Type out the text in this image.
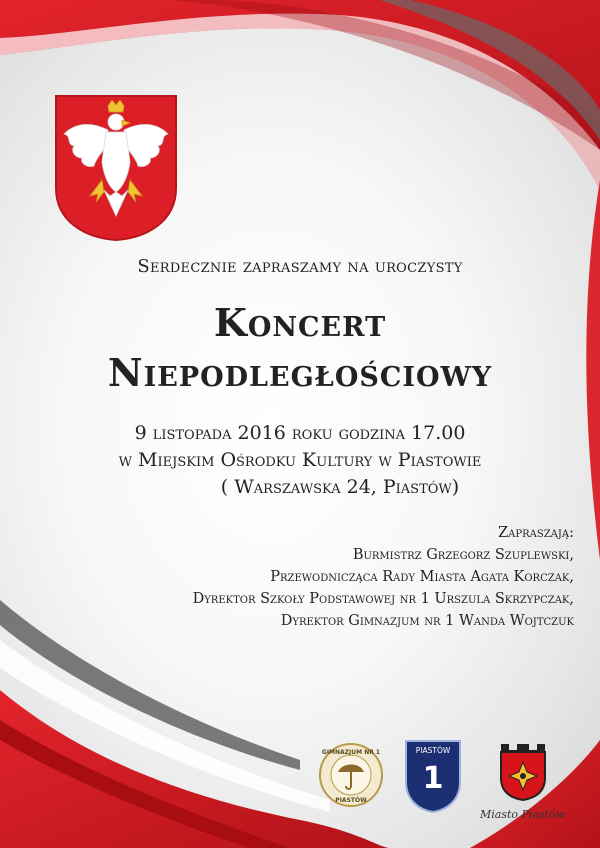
Serdecznie zapraszamy na uroczysty
Koncert
Niepodległościowy
9 listopada 2016 roku godzina 17.00
w Miejskim Ośrodku Kultury w Piastowie
( Warszawska 24, Piastów)
Zapraszają:
Burmistrz Grzegorz Szuplewski,
Przewodnicząca Rady Miasta Agata Korczak,
Dyrektor Szkoły Podstawowej nr 1 Urszula Skrzypczak,
Dyrektor Gimnazjum nr 1 Wanda Wojtczuk
GIMNAZJUM NR 1
PIASTÓW
PIASTÓW
1
Miasto Piastów
